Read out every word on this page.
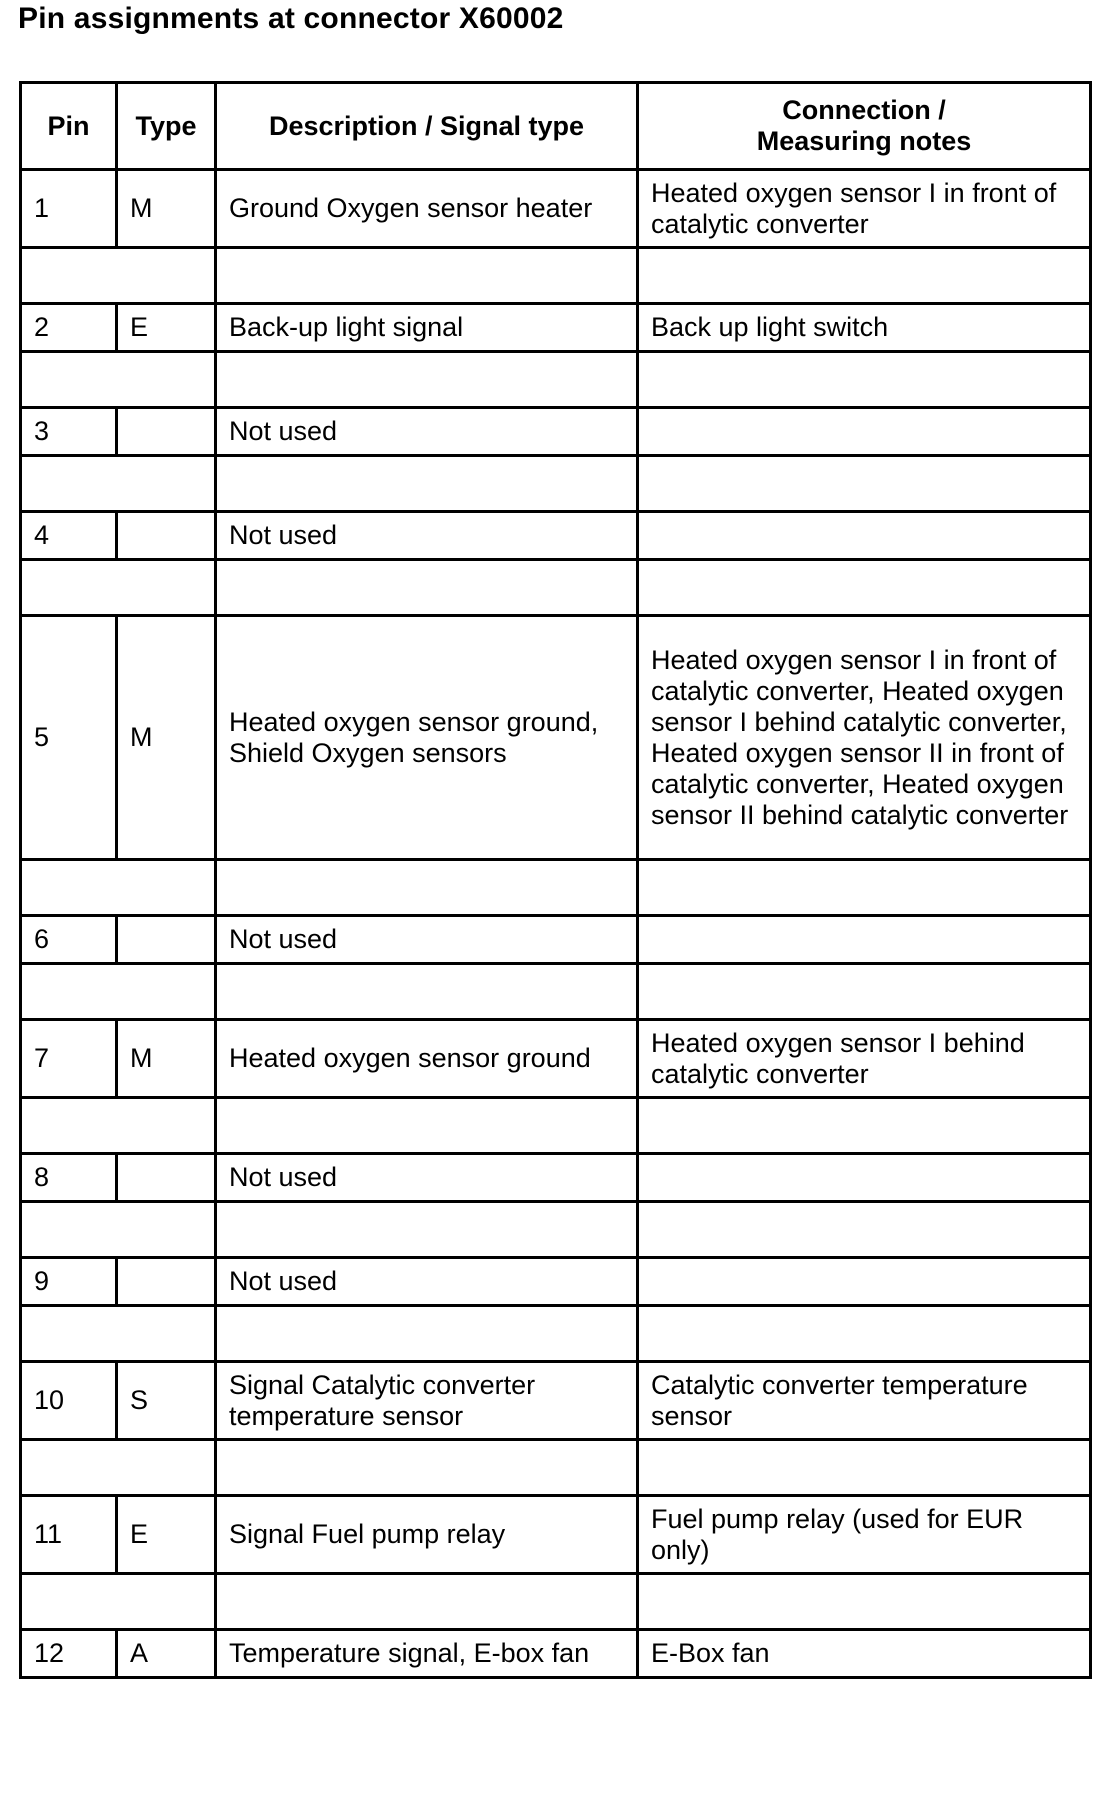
Pin assignments at connector X60002
Pin	Type	Description / Signal type	Connection /
Measuring notes
1	M	Ground Oxygen sensor heater	Heated oxygen sensor I in front of catalytic converter

2	E	Back-up light signal	Back up light switch

3		Not used	

4		Not used	

5	M	Heated oxygen sensor ground, Shield Oxygen sensors	Heated oxygen sensor I in front of catalytic converter, Heated oxygen sensor I behind catalytic converter, Heated oxygen sensor II in front of catalytic converter, Heated oxygen sensor II behind catalytic converter

6		Not used	

7	M	Heated oxygen sensor ground	Heated oxygen sensor I behind catalytic converter

8		Not used	

9		Not used	

10	S	Signal Catalytic converter temperature sensor	Catalytic converter temperature sensor

11	E	Signal Fuel pump relay	Fuel pump relay (used for EUR only)

12	A	Temperature signal, E-box fan	E-Box fan
